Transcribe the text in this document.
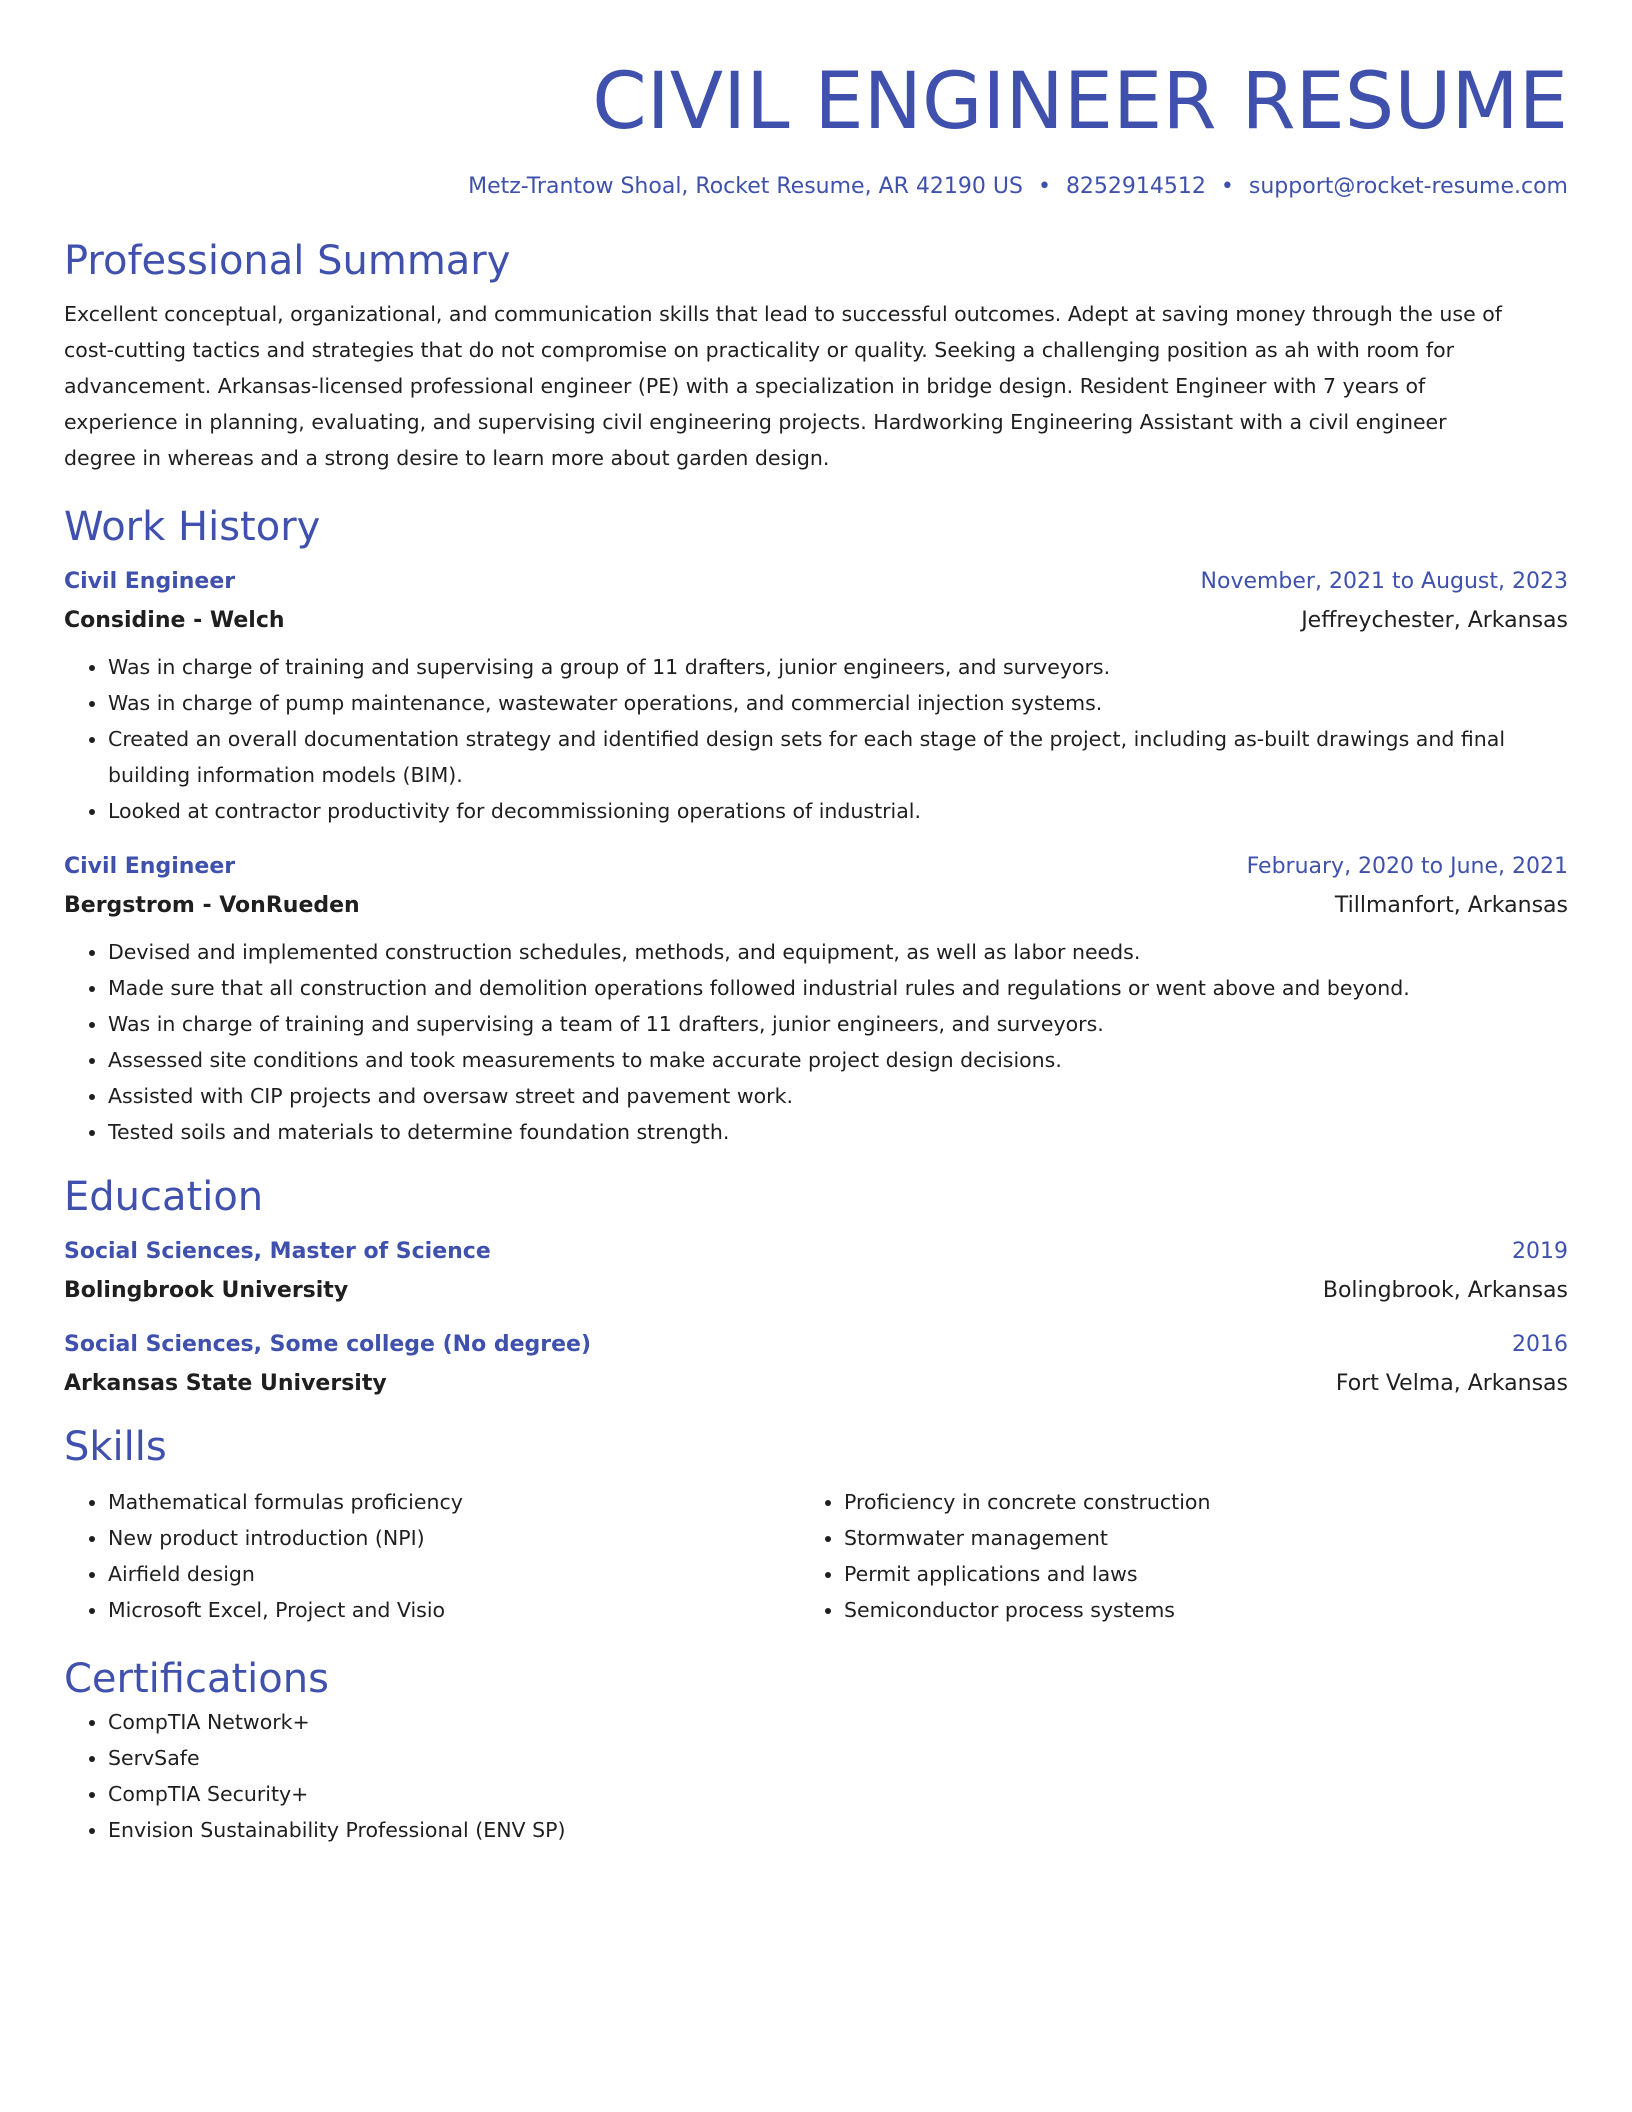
CIVIL ENGINEER RESUME
Metz-Trantow Shoal, Rocket Resume, AR 42190 US • 8252914512 • support@rocket-resume.com
Professional Summary
Excellent conceptual, organizational, and communication skills that lead to successful outcomes. Adept at saving money through the use of
cost-cutting tactics and strategies that do not compromise on practicality or quality. Seeking a challenging position as ah with room for
advancement. Arkansas-licensed professional engineer (PE) with a specialization in bridge design. Resident Engineer with 7 years of
experience in planning, evaluating, and supervising civil engineering projects. Hardworking Engineering Assistant with a civil engineer
degree in whereas and a strong desire to learn more about garden design.
Work History
Civil Engineer	November, 2021 to August, 2023
Considine - Welch	Jeffreychester, Arkansas
• Was in charge of training and supervising a group of 11 drafters, junior engineers, and surveyors.
• Was in charge of pump maintenance, wastewater operations, and commercial injection systems.
• Created an overall documentation strategy and identified design sets for each stage of the project, including as-built drawings and final
building information models (BIM).
• Looked at contractor productivity for decommissioning operations of industrial.
Civil Engineer	February, 2020 to June, 2021
Bergstrom - VonRueden	Tillmanfort, Arkansas
• Devised and implemented construction schedules, methods, and equipment, as well as labor needs.
• Made sure that all construction and demolition operations followed industrial rules and regulations or went above and beyond.
• Was in charge of training and supervising a team of 11 drafters, junior engineers, and surveyors.
• Assessed site conditions and took measurements to make accurate project design decisions.
• Assisted with CIP projects and oversaw street and pavement work.
• Tested soils and materials to determine foundation strength.
Education
Social Sciences, Master of Science	2019
Bolingbrook University	Bolingbrook, Arkansas
Social Sciences, Some college (No degree)	2016
Arkansas State University	Fort Velma, Arkansas
Skills
• Mathematical formulas proficiency
• New product introduction (NPI)
• Airfield design
• Microsoft Excel, Project and Visio
• Proficiency in concrete construction
• Stormwater management
• Permit applications and laws
• Semiconductor process systems
Certifications
• CompTIA Network+
• ServSafe
• CompTIA Security+
• Envision Sustainability Professional (ENV SP)
